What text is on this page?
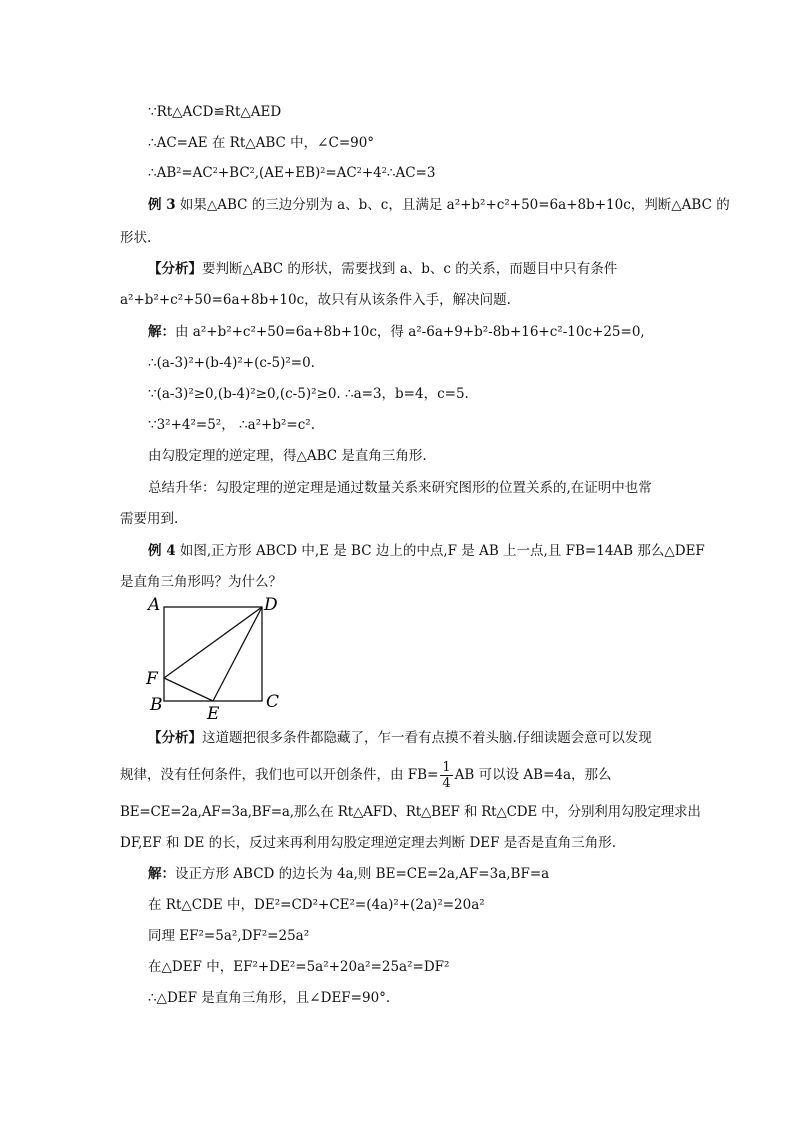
∵Rt△ACD≌Rt△AED
∴AC=AE 在 Rt△ABC 中，∠C=90°
$\therefore AB^2=AC^2+BC^2,(AE+EB)^2=AC^2+4^2\therefore AC=3$
例 3 如果△ABC 的三边分别为 a、b、c，且满足 a²+b²+c²+50=6a+8b+10c，判断△ABC 的
形状.
【分析】要判断△ABC 的形状，需要找到 a、b、c 的关系，而题目中只有条件
a²+b²+c²+50=6a+8b+10c，故只有从该条件入手，解决问题.
解：由 a²+b²+c²+50=6a+8b+10c，得 a²-6a+9+b²-8b+16+c²-10c+25=0,
∴(a-3)²+(b-4)²+(c-5)²=0.
∵(a-3)²≥0,(b-4)²≥0,(c-5)²≥0. ∴a=3，b=4，c=5.
∵3²+4²=5²， ∴a²+b²=c².
由勾股定理的逆定理，得△ABC 是直角三角形.
总结升华：勾股定理的逆定理是通过数量关系来研究图形的位置关系的,在证明中也常
需要用到.
例 4 如图,正方形 ABCD 中,E 是 BC 边上的中点,F 是 AB 上一点,且 FB=14AB 那么△DEF
是直角三角形吗？为什么？
A	D
F
B	C
E
【分析】这道题把很多条件都隐藏了，乍一看有点摸不着头脑.仔细读题会意可以发现
规律，没有任何条件，我们也可以开创条件，由 $FB= \frac{1}{4}$ AB 可以设 AB=4a，那么
BE=CE=2a,AF=3a,BF=a,那么在 Rt△AFD、Rt△BEF 和 Rt△CDE 中，分别利用勾股定理求出
DF,EF 和 DE 的长，反过来再利用勾股定理逆定理去判断 DEF 是否是直角三角形.
解：设正方形 ABCD 的边长为 4a,则 BE=CE=2a,AF=3a,BF=a
在 Rt△CDE 中，DE²=CD²+CE²=(4a)²+(2a)²=20a²
同理 EF²=5a²,DF²=25a²
在△DEF 中，EF²+DE²=5a²+20a²=25a²=DF²
∴△DEF 是直角三角形，且∠DEF=90°.
